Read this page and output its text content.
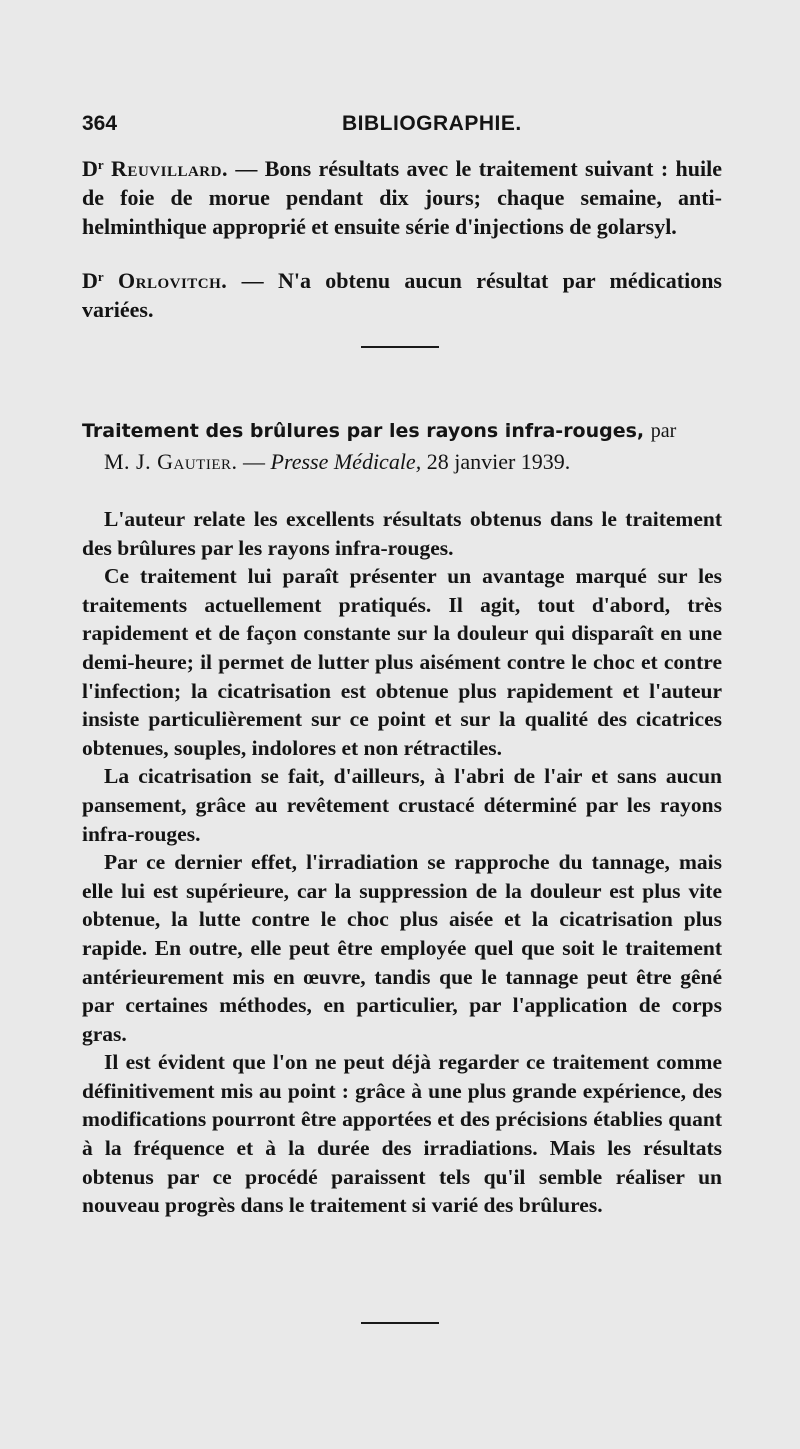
364	BIBLIOGRAPHIE.

$D^r$ Reuvillard. — Bons résultats avec le traitement suivant : huile de foie de morue pendant dix jours; chaque semaine, anti-helminthique approprié et ensuite série d'injections de golarsyl.

$D^r$ Orlovitch. — N'a obtenu aucun résultat par médications variées.

Traitement des brûlures par les rayons infra-rouges, par
M. J. Gautier. — Presse Médicale, 28 janvier 1939.

L'auteur relate les excellents résultats obtenus dans le traitement des brûlures par les rayons infra-rouges.

Ce traitement lui paraît présenter un avantage marqué sur les traitements actuellement pratiqués. Il agit, tout d'abord, très rapidement et de façon constante sur la douleur qui disparaît en une demi-heure; il permet de lutter plus aisément contre le choc et contre l'infection; la cicatrisation est obtenue plus rapidement et l'auteur insiste particulièrement sur ce point et sur la qualité des cicatrices obtenues, souples, indolores et non rétractiles.

La cicatrisation se fait, d'ailleurs, à l'abri de l'air et sans aucun pansement, grâce au revêtement crustacé déterminé par les rayons infra-rouges.

Par ce dernier effet, l'irradiation se rapproche du tannage, mais elle lui est supérieure, car la suppression de la douleur est plus vite obtenue, la lutte contre le choc plus aisée et la cicatrisation plus rapide. En outre, elle peut être employée quel que soit le traitement antérieurement mis en œuvre, tandis que le tannage peut être gêné par certaines méthodes, en particulier, par l'application de corps gras.

Il est évident que l'on ne peut déjà regarder ce traitement comme définitivement mis au point : grâce à une plus grande expérience, des modifications pourront être apportées et des précisions établies quant à la fréquence et à la durée des irradiations. Mais les résultats obtenus par ce procédé paraissent tels qu'il semble réaliser un nouveau progrès dans le traitement si varié des brûlures.
